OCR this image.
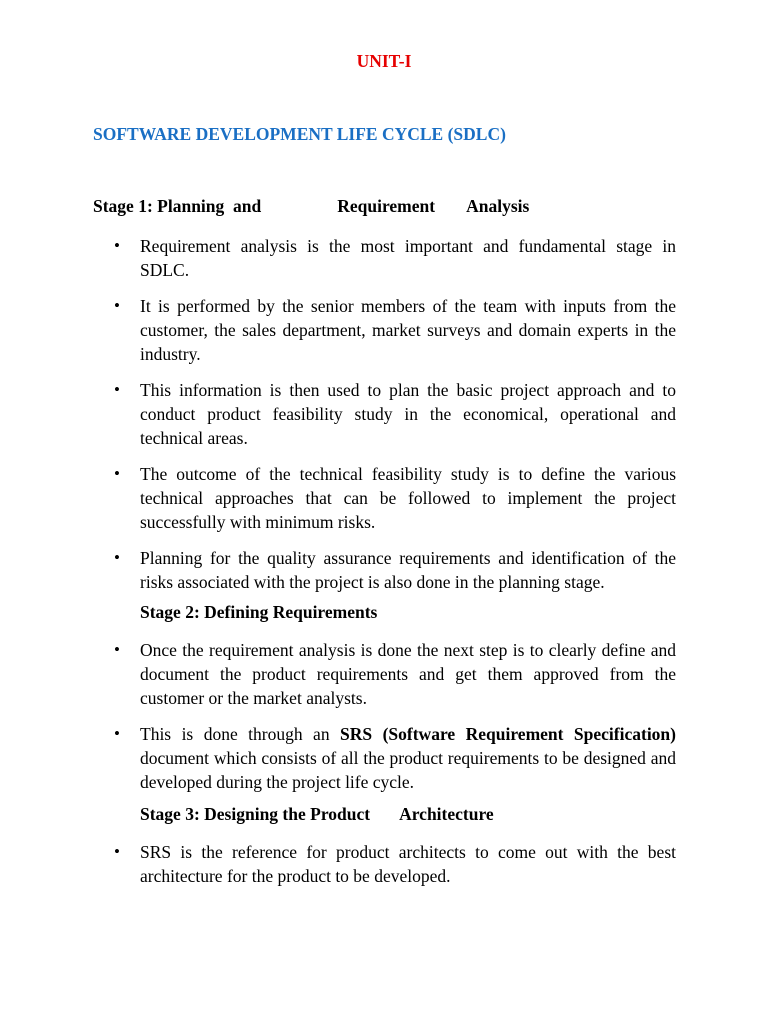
UNIT-I
SOFTWARE DEVELOPMENT LIFE CYCLE (SDLC)
Stage 1: Planning  and	Requirement Analysis
• Requirement analysis is the most important and fundamental stage in SDLC.
• It is performed by the senior members of the team with inputs from the customer, the sales department, market surveys and domain experts in the industry.
• This information is then used to plan the basic project approach and to conduct product feasibility study in the economical, operational and technical areas.
• The outcome of the technical feasibility study is to define the various technical approaches that can be followed to implement the project successfully with minimum risks.
• Planning for the quality assurance requirements and identification of the risks associated with the project is also done in the planning stage.
Stage 2: Defining Requirements
• Once the requirement analysis is done the next step is to clearly define and document the product requirements and get them approved from the customer or the market analysts.
• This is done through an SRS (Software Requirement Specification) document which consists of all the product requirements to be designed and developed during the project life cycle.
Stage 3: Designing the Product Architecture
• SRS is the reference for product architects to come out with the best architecture for the product to be developed.
